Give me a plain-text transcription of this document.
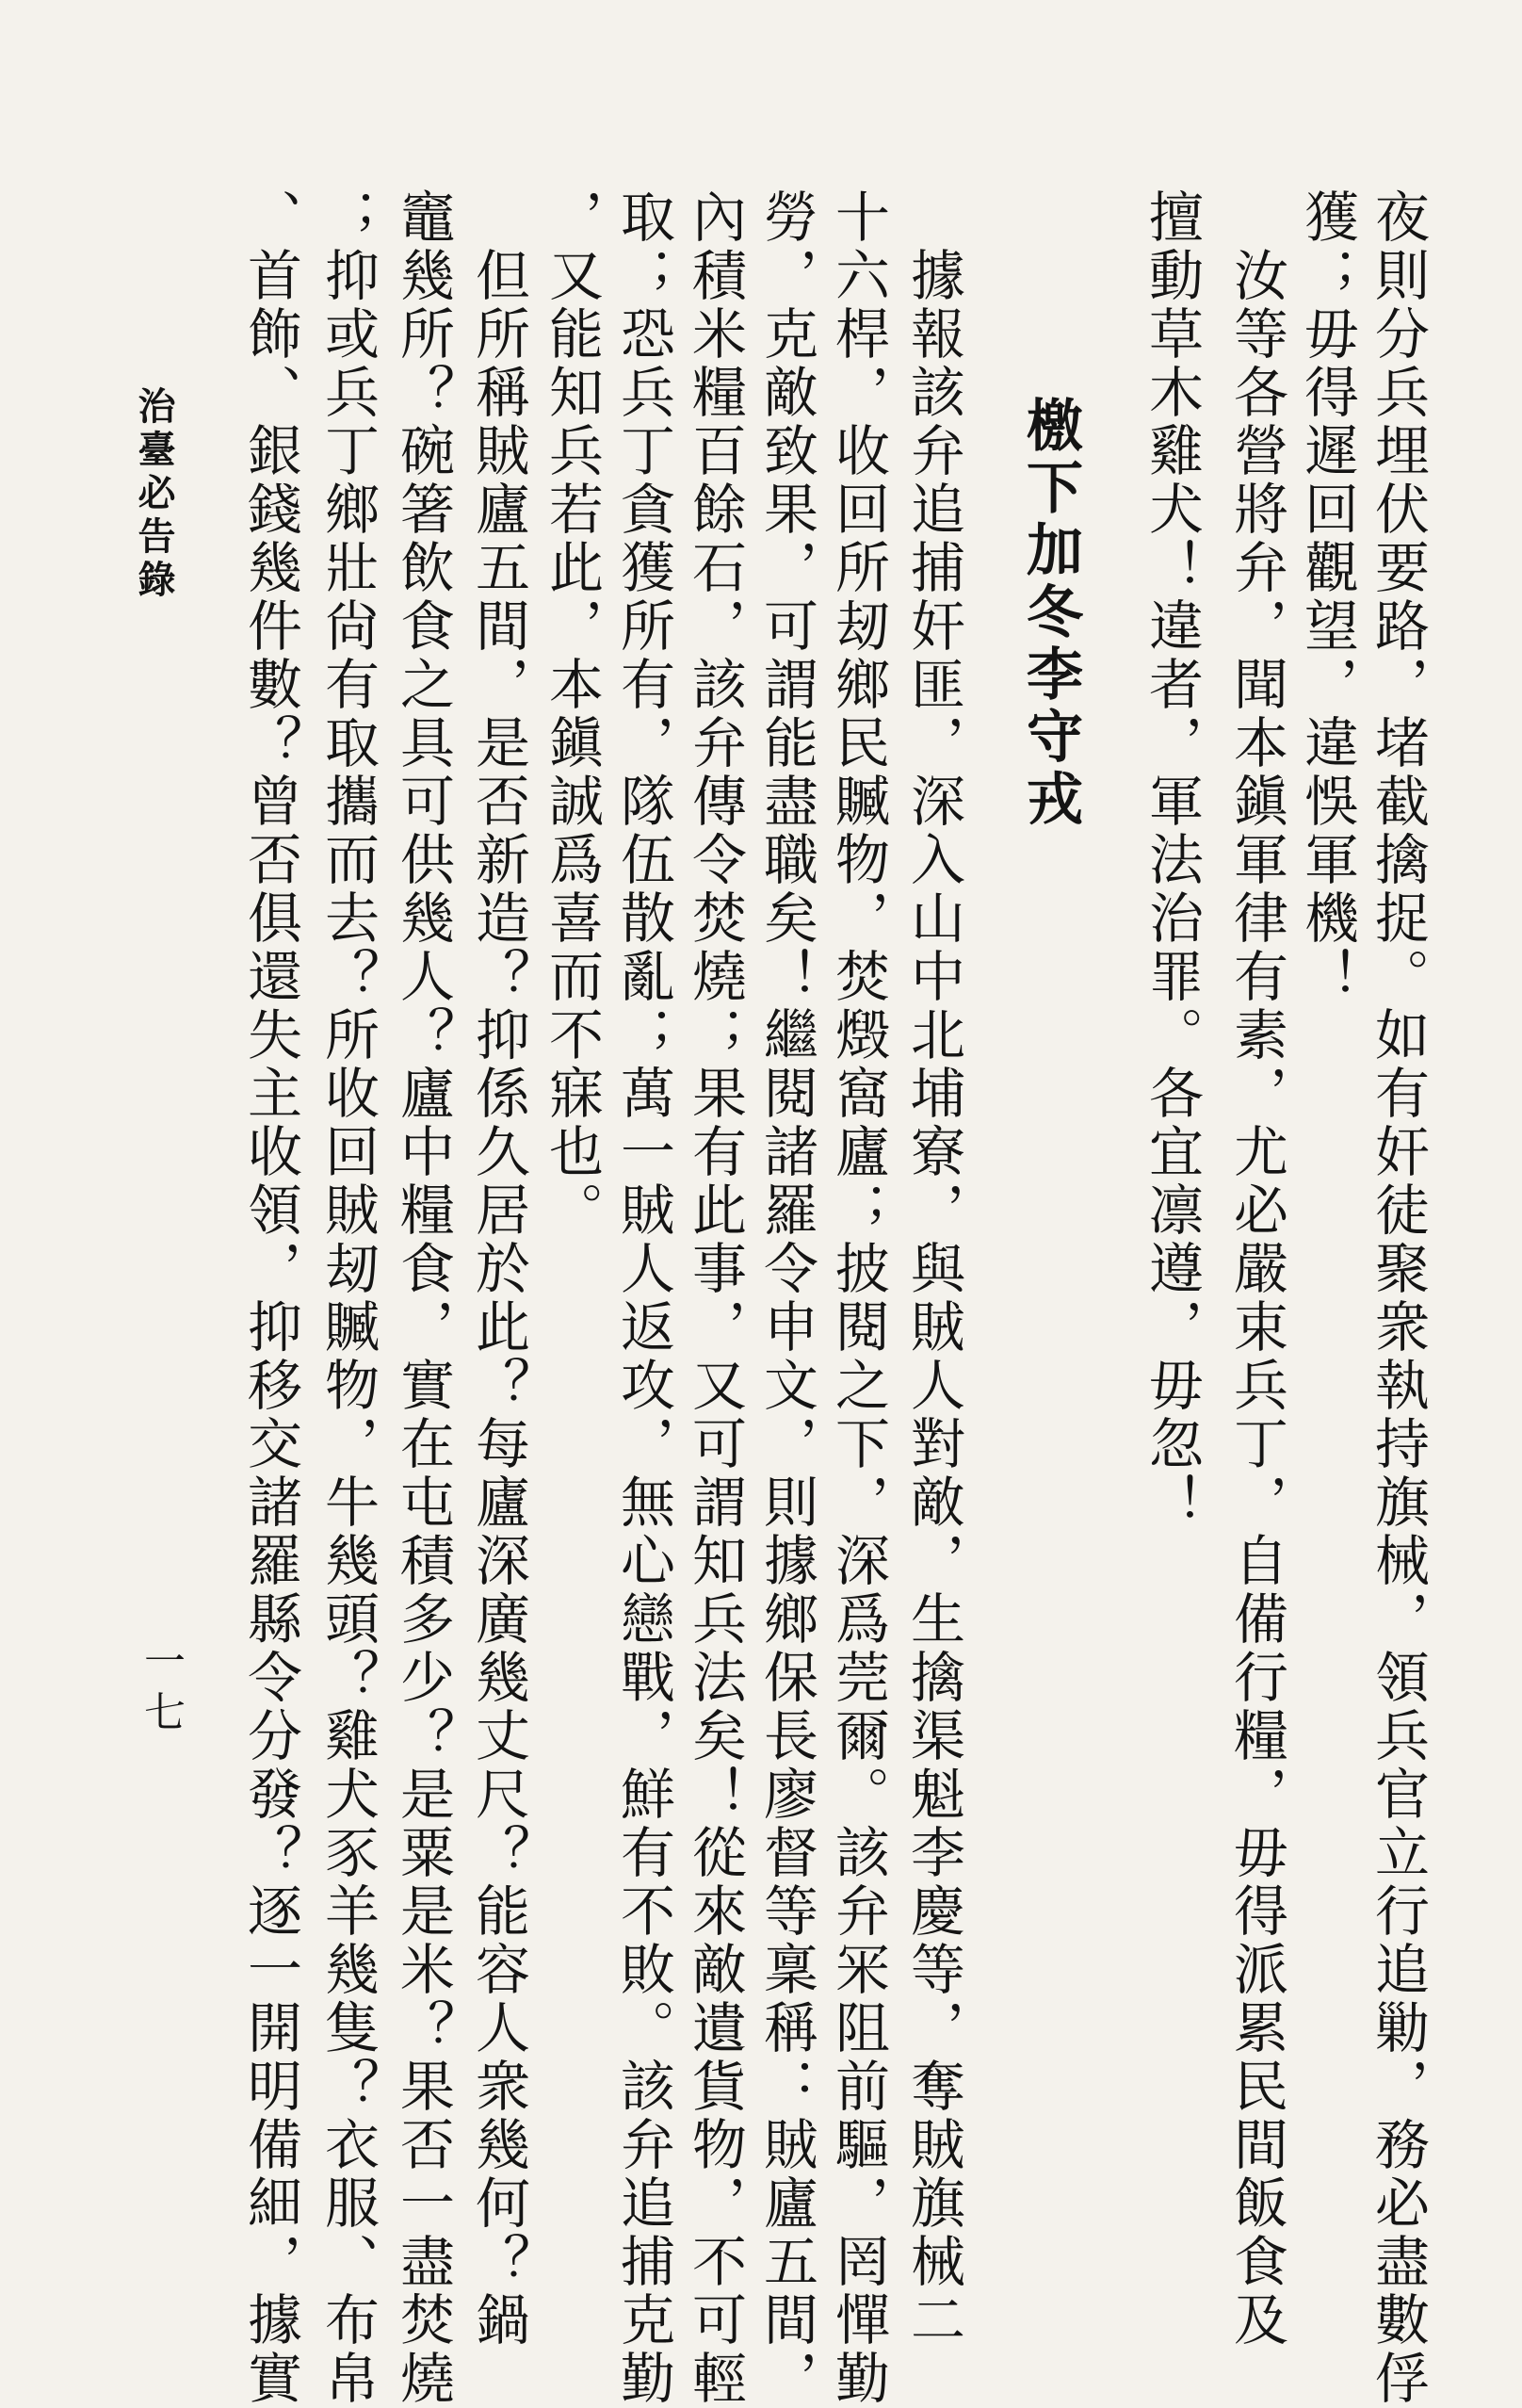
夜則分兵埋伏要路，堵截擒捉。如有奸徒聚衆執持旗械，領兵官立行追勦，務必盡數俘
獲；毋得遲回觀望，違悞軍機！
汝等各營將弁，聞本鎭軍律有素，尤必嚴束兵丁，自備行糧，毋得派累民間飯食及
擅動草木雞犬！違者，軍法治罪。各宜凛遵，毋忽！
檄下加冬李守戎
據報該弁追捕奸匪，深入山中北埔寮，與賊人對敵，生擒渠魁李慶等，奪賊旗械二
十六桿，收回所刼鄉民贓物，焚燬窩廬；披閱之下，深爲莞爾。該弁冞阻前驅，罔憚勤
勞，克敵致果，可謂能盡職矣！繼閱諸羅令申文，則據鄉保長廖督等稟稱：賊廬五間，
內積米糧百餘石，該弁傳令焚燒；果有此事，又可謂知兵法矣！從來敵遺貨物，不可輕
取；恐兵丁貪獲所有，隊伍散亂；萬一賊人返攻，無心戀戰，鮮有不敗。該弁追捕克勤
，又能知兵若此，本鎭誠爲喜而不寐也。
但所稱賊廬五間，是否新造？抑係久居於此？每廬深廣幾丈尺？能容人衆幾何？鍋
竈幾所？碗箸飲食之具可供幾人？廬中糧食，實在屯積多少？是粟是米？果否一盡焚燒
；抑或兵丁鄉壯尙有取攜而去？所收回賊刼贓物，牛幾頭？雞犬豕羊幾隻？衣服、布帛
、首飾、銀錢幾件數？曾否俱還失主收領，抑移交諸羅縣令分發？逐一開明備細，據實
治臺必告錄
一七
